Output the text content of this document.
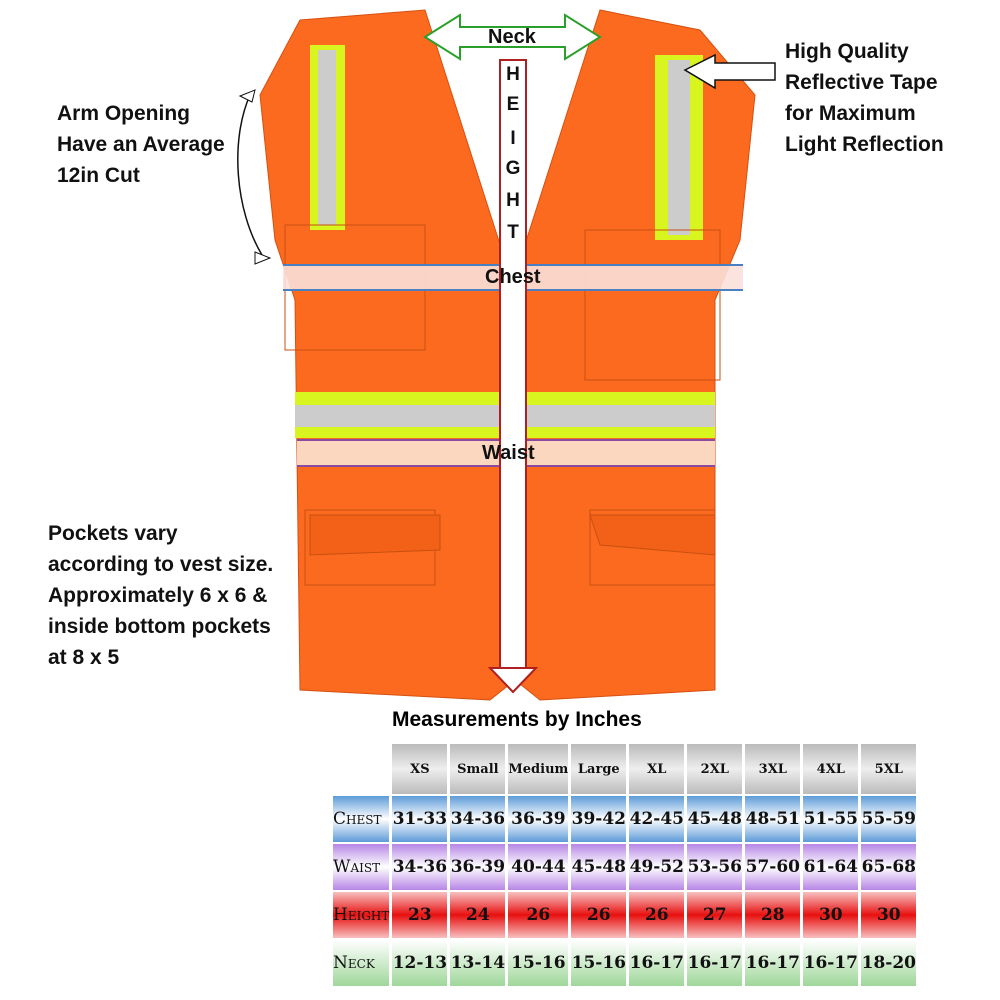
Neck
H
E
I
G
H
T
Chest
Waist
Arm Opening
Have an Average
12in Cut
High Quality
Reflective Tape
for Maximum
Light Reflection
Pockets vary
according to vest size.
Approximately 6 x 6 &
inside bottom pockets
at 8 x 5
Measurements by Inches
	XS	Small	Medium	Large	XL	2XL	3XL	4XL	5XL
Chest	31-33	34-36	36-39	39-42	42-45	45-48	48-51	51-55	55-59
Waist	34-36	36-39	40-44	45-48	49-52	53-56	57-60	61-64	65-68
Height	23	24	26	26	26	27	28	30	30
Neck	12-13	13-14	15-16	15-16	16-17	16-17	16-17	16-17	18-20
